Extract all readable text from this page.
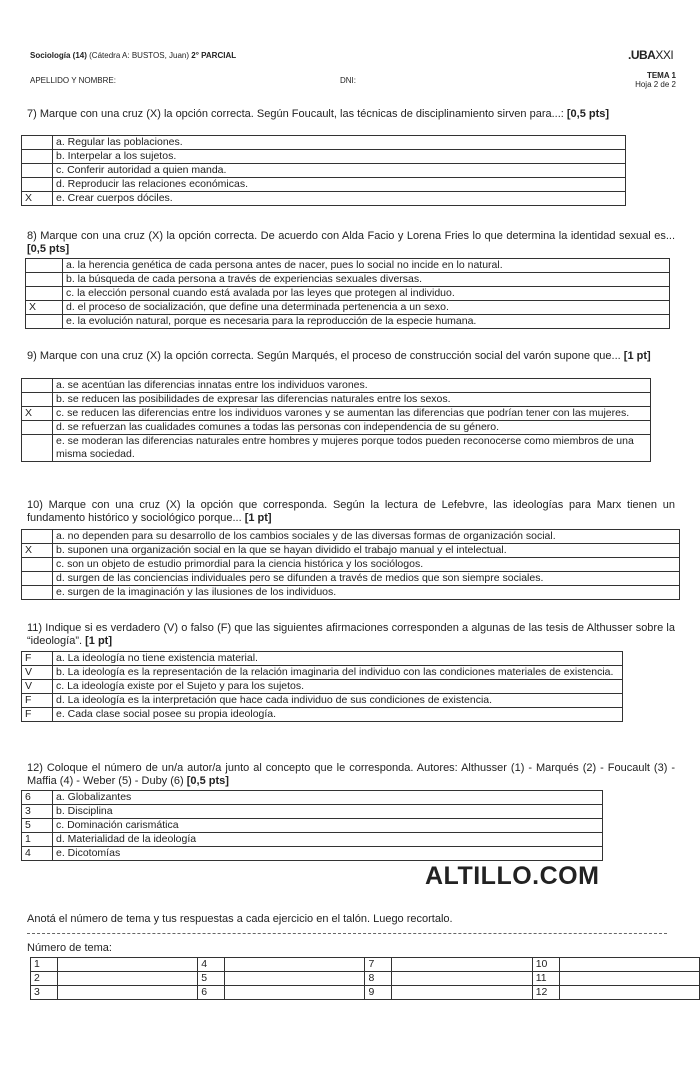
Sociología (14) (Cátedra A: BUSTOS, Juan) 2° PARCIAL	.UBAXXI
APELLIDO Y NOMBRE:	DNI:
TEMA 1
Hoja 2 de 2
7) Marque con una cruz (X) la opción correcta. Según Foucault, las técnicas de disciplinamiento sirven para...: [0,5 pts]
	a. Regular las poblaciones.
	b. Interpelar a los sujetos.
	c. Conferir autoridad a quien manda.
	d. Reproducir las relaciones económicas.
X	e. Crear cuerpos dóciles.
8) Marque con una cruz (X) la opción correcta. De acuerdo con Alda Facio y Lorena Fries lo que determina la identidad sexual es... [0,5 pts]
	a. la herencia genética de cada persona antes de nacer, pues lo social no incide en lo natural.
	b. la búsqueda de cada persona a través de experiencias sexuales diversas.
	c. la elección personal cuando está avalada por las leyes que protegen al individuo.
X	d. el proceso de socialización, que define una determinada pertenencia a un sexo.
	e. la evolución natural, porque es necesaria para la reproducción de la especie humana.
9) Marque con una cruz (X) la opción correcta. Según Marqués, el proceso de construcción social del varón supone que... [1 pt]
	a. se acentúan las diferencias innatas entre los individuos varones.
	b. se reducen las posibilidades de expresar las diferencias naturales entre los sexos.
X	c. se reducen las diferencias entre los individuos varones y se aumentan las diferencias que podrían tener con las mujeres.
	d. se refuerzan las cualidades comunes a todas las personas con independencia de su género.
	e. se moderan las diferencias naturales entre hombres y mujeres porque todos pueden reconocerse como miembros de una misma sociedad.
10) Marque con una cruz (X) la opción que corresponda. Según la lectura de Lefebvre, las ideologías para Marx tienen un fundamento histórico y sociológico porque... [1 pt]
	a. no dependen para su desarrollo de los cambios sociales y de las diversas formas de organización social.
X	b. suponen una organización social en la que se hayan dividido el trabajo manual y el intelectual.
	c. son un objeto de estudio primordial para la ciencia histórica y los sociólogos.
	d. surgen de las conciencias individuales pero se difunden a través de medios que son siempre sociales.
	e. surgen de la imaginación y las ilusiones de los individuos.
11) Indique si es verdadero (V) o falso (F) que las siguientes afirmaciones corresponden a algunas de las tesis de Althusser sobre la “ideología”. [1 pt]
F	a. La ideología no tiene existencia material.
V	b. La ideología es la representación de la relación imaginaria del individuo con las condiciones materiales de existencia.
V	c. La ideología existe por el Sujeto y para los sujetos.
F	d. La ideología es la interpretación que hace cada individuo de sus condiciones de existencia.
F	e. Cada clase social posee su propia ideología.
12) Coloque el número de un/a autor/a junto al concepto que le corresponda. Autores: Althusser (1) - Marqués (2) - Foucault (3) - Maffia (4) - Weber (5) - Duby (6) [0,5 pts]
6	a. Globalizantes
3	b. Disciplina
5	c. Dominación carismática
1	d. Materialidad de la ideología
4	e. Dicotomías
ALTILLO.COM
Anotá el número de tema y tus respuestas a cada ejercicio en el talón. Luego recortalo.
Número de tema:
1		4		7		10	
2		5		8		11	
3		6		9		12	
